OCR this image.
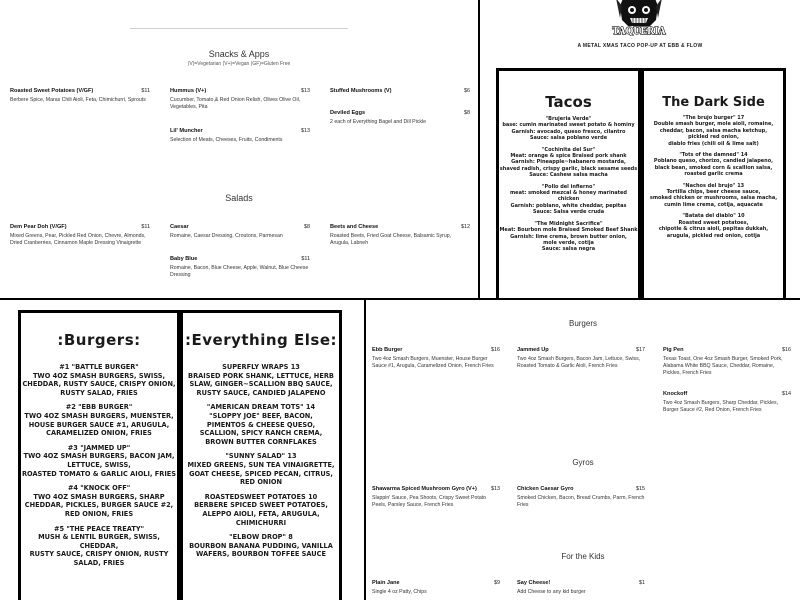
Snacks & Apps
(V)=Vegetarian (V+)=Vegan (GF)=Gluten Free
Roasted Sweet Potatoes (V/GF)	$11
Berbere Spice, Maras Chili Aioli, Feta, Chimichurri, Sprouts
Hummus (V+)	$13
Cucumber, Tomato,& Red Onion Relish, Olives Olive Oil, Vegetables, Pita
Stuffed Mushrooms (V)	$6
Lil' Muncher	$13
Selection of Meats, Cheeses, Fruits, Condiments
Deviled Eggs	$8
2 each of Everything Bagel and Dill Pickle
Salads
Dem Pear Doh (V/GF)	$11
Mixed Greens, Pear, Pickled Red Onion, Chevre, Almonds, Dried Cranberries, Cinnamon Maple Dressing Vinaigrette
Caesar	$8
Romaine, Caesar Dressing, Croutons, Parmesan
Beets and Cheese	$12
Roasted Beets, Fried Goat Cheese, Balsamic Syrup, Arugula, Labneh
Baby Blue	$11
Romaine, Bacon, Blue Cheese, Apple, Walnut, Blue Cheese Dressing
TAQUERIA
A METAL XMAS TACO POP-UP AT EBB & FLOW
Tacos
"Brujeria Verde"
base: cumin marinated sweet potato & hominy
Garnish: avocado, queso fresco, cilantro
Sauce: salsa poblano verde
"Cochinita del Sur"
Meat: orange & spice Braised pork shank
Garnish: Pineapple~habanero mostarda,
shaved radish, crispy garlic, black sesame seeds
Sauce: Cashew salsa macha
"Pollo del infierno"
meat: smoked mezcal & honey marinated chicken
Garnish: poblano, white cheddar, pepitas
Sauce: Salsa verde cruda
"The Midnight Sacrifice"
Meat: Bourbon mole Braised Smoked Beef Shank
Garnish: lime crema, brown butter onion,
mole verde, cotija
Sauce: salsa negra
The Dark Side
"The brujo burger" 17
Double smash burger, mole aioli, romaine,
cheddar, bacon, salsa macha ketchup,
pickled red onion,
diablo fries (chili oil & lime salt)
"Tots of the damned" 14
Poblano queso, chorizo, candied jalapeno,
black bean, smoked corn & scallion salsa,
roasted garlic crema
"Nachos del brujo" 13
Tortilla chips, beer cheese sauce,
smoked chicken or mushrooms, salsa macha,
cumin lime crema, cotija, aquacate
"Batata del diablo" 10
Roasted sweet potatoes,
chipotle & citrus aioli, pepitas dukkah,
arugula, pickled red onion, cotija
:Burgers:
#1 "BATTLE BURGER"
TWO 4OZ SMASH BURGERS, SWISS,
CHEDDAR, RUSTY SAUCE, CRISPY ONION,
RUSTY SALAD, FRIES
#2 "EBB BURGER"
TWO 4OZ SMASH BURGERS, MUENSTER,
HOUSE BURGER SAUCE #1, ARUGULA,
CARAMELIZED ONION, FRIES
#3 "JAMMED UP"
TWO 4OZ SMASH BURGERS, BACON JAM,
LETTUCE, SWISS,
ROASTED TOMATO & GARLIC AIOLI, FRIES
#4 "KNOCK OFF"
TWO 4OZ SMASH BURGERS, SHARP
CHEDDAR, PICKLES, BURGER SAUCE #2,
RED ONION, FRIES
#5 "THE PEACE TREATY"
MUSH & LENTIL BURGER, SWISS, CHEDDAR,
RUSTY SAUCE, CRISPY ONION, RUSTY
SALAD, FRIES
:Everything Else:
SUPERFLY WRAPS 13
BRAISED PORK SHANK, LETTUCE, HERB
SLAW, GINGER~SCALLION BBQ SAUCE,
RUSTY SAUCE, CANDIED JALAPENO
"AMERICAN DREAM TOTS" 14
"SLOPPY JOE" BEEF, BACON,
PIMENTOS & CHEESE QUESO,
SCALLION, SPICY RANCH CREMA,
BROWN BUTTER CORNFLAKES
"SUNNY SALAD" 13
MIXED GREENS, SUN TEA VINAIGRETTE,
GOAT CHEESE, SPICED PECAN, CITRUS,
RED ONION
ROASTEDSWEET POTATOES 10
BERBERE SPICED SWEET POTATOES,
ALEPPO AIOLI, FETA, ARUGULA,
CHIMICHURRI
"ELBOW DROP" 8
BOURBON BANANA PUDDING, VANILLA
WAFERS, BOURBON TOFFEE SAUCE
Burgers
Ebb Burger	$16
Two 4oz Smash Burgers, Muenster, House Burger Sauce #1, Arugula, Caramelized Onion, French Fries
Jammed Up	$17
Two 4oz Smash Burgers, Bacon Jam, Lettuce, Swiss, Roasted Tomato & Garlic Aioli, French Fries
Pig Pen	$16
Texas Toast, One 4oz Smash Burger, Smoked Pork, Alabama White BBQ Sauce, Cheddar, Romaine, Pickles, French Fries
Knockoff	$14
Two 4oz Smash Burgers, Sharp Cheddar, Pickles, Burger Sauce #2, Red Onion, French Fries
Gyros
Shawarma Spiced Mushroom Gyro (V+)	$13
Slappin' Sauce, Pea Shoots, Crispy Sweet Potato Peels, Parsley Sauce, French Fries
Chicken Caesar Gyro	$15
Smoked Chicken, Bacon, Bread Crumbs, Parm, French Fries
For the Kids
Plain Jane	$9
Single 4 oz Patty, Chips
Say Cheese!	$1
Add Cheese to any kid burger
